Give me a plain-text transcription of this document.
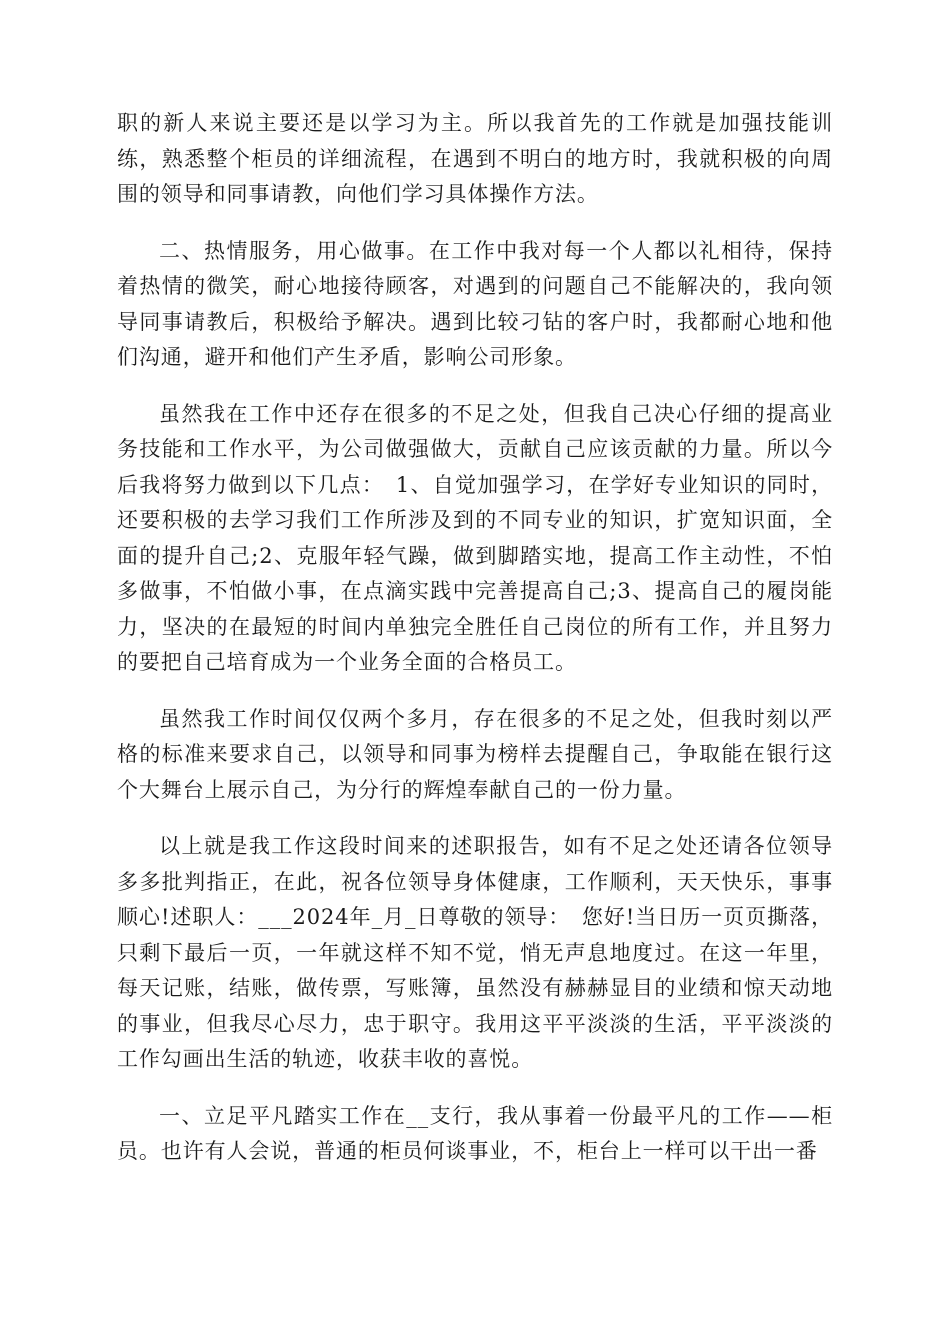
职的新人来说主要还是以学习为主。所以我首先的工作就是加强技能训练，熟悉整个柜员的详细流程，在遇到不明白的地方时，我就积极的向周围的领导和同事请教，向他们学习具体操作方法。

二、热情服务，用心做事。在工作中我对每一个人都以礼相待，保持着热情的微笑，耐心地接待顾客，对遇到的问题自己不能解决的，我向领导同事请教后，积极给予解决。遇到比较刁钻的客户时，我都耐心地和他们沟通，避开和他们产生矛盾，影响公司形象。

虽然我在工作中还存在很多的不足之处，但我自己决心仔细的提高业务技能和工作水平，为公司做强做大，贡献自己应该贡献的力量。所以今后我将努力做到以下几点：　1、自觉加强学习，在学好专业知识的同时，还要积极的去学习我们工作所涉及到的不同专业的知识，扩宽知识面，全面的提升自己;2、克服年轻气躁，做到脚踏实地，提高工作主动性，不怕多做事，不怕做小事，在点滴实践中完善提高自己;3、提高自己的履岗能力，坚决的在最短的时间内单独完全胜任自己岗位的所有工作，并且努力的要把自己培育成为一个业务全面的合格员工。

虽然我工作时间仅仅两个多月，存在很多的不足之处，但我时刻以严格的标准来要求自己，以领导和同事为榜样去提醒自己，争取能在银行这个大舞台上展示自己，为分行的辉煌奉献自己的一份力量。

以上就是我工作这段时间来的述职报告，如有不足之处还请各位领导多多批判指正，在此，祝各位领导身体健康，工作顺利，天天快乐，事事顺心!述职人：___2024年_月_日尊敬的领导：　您好!当日历一页页撕落，只剩下最后一页，一年就这样不知不觉，悄无声息地度过。在这一年里，每天记账，结账，做传票，写账簿，虽然没有赫赫显目的业绩和惊天动地的事业，但我尽心尽力，忠于职守。我用这平平淡淡的生活，平平淡淡的工作勾画出生活的轨迹，收获丰收的喜悦。

一、立足平凡踏实工作在__支行，我从事着一份最平凡的工作——柜员。也许有人会说，普通的柜员何谈事业，不，柜台上一样可以干出一番
